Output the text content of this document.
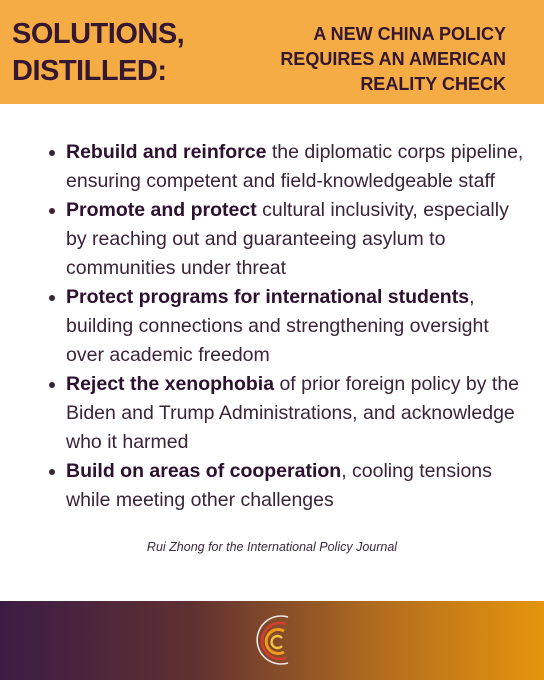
SOLUTIONS,
DISTILLED:
A NEW CHINA POLICY
REQUIRES AN AMERICAN
REALITY CHECK
Rebuild and reinforce the diplomatic corps pipeline, ensuring competent and field-knowledgeable staff
Promote and protect cultural inclusivity, especially by reaching out and guaranteeing asylum to communities under threat
Protect programs for international students, building connections and strengthening oversight over academic freedom
Reject the xenophobia of prior foreign policy by the Biden and Trump Administrations, and acknowledge who it harmed
Build on areas of cooperation, cooling tensions while meeting other challenges
Rui Zhong for the International Policy Journal
